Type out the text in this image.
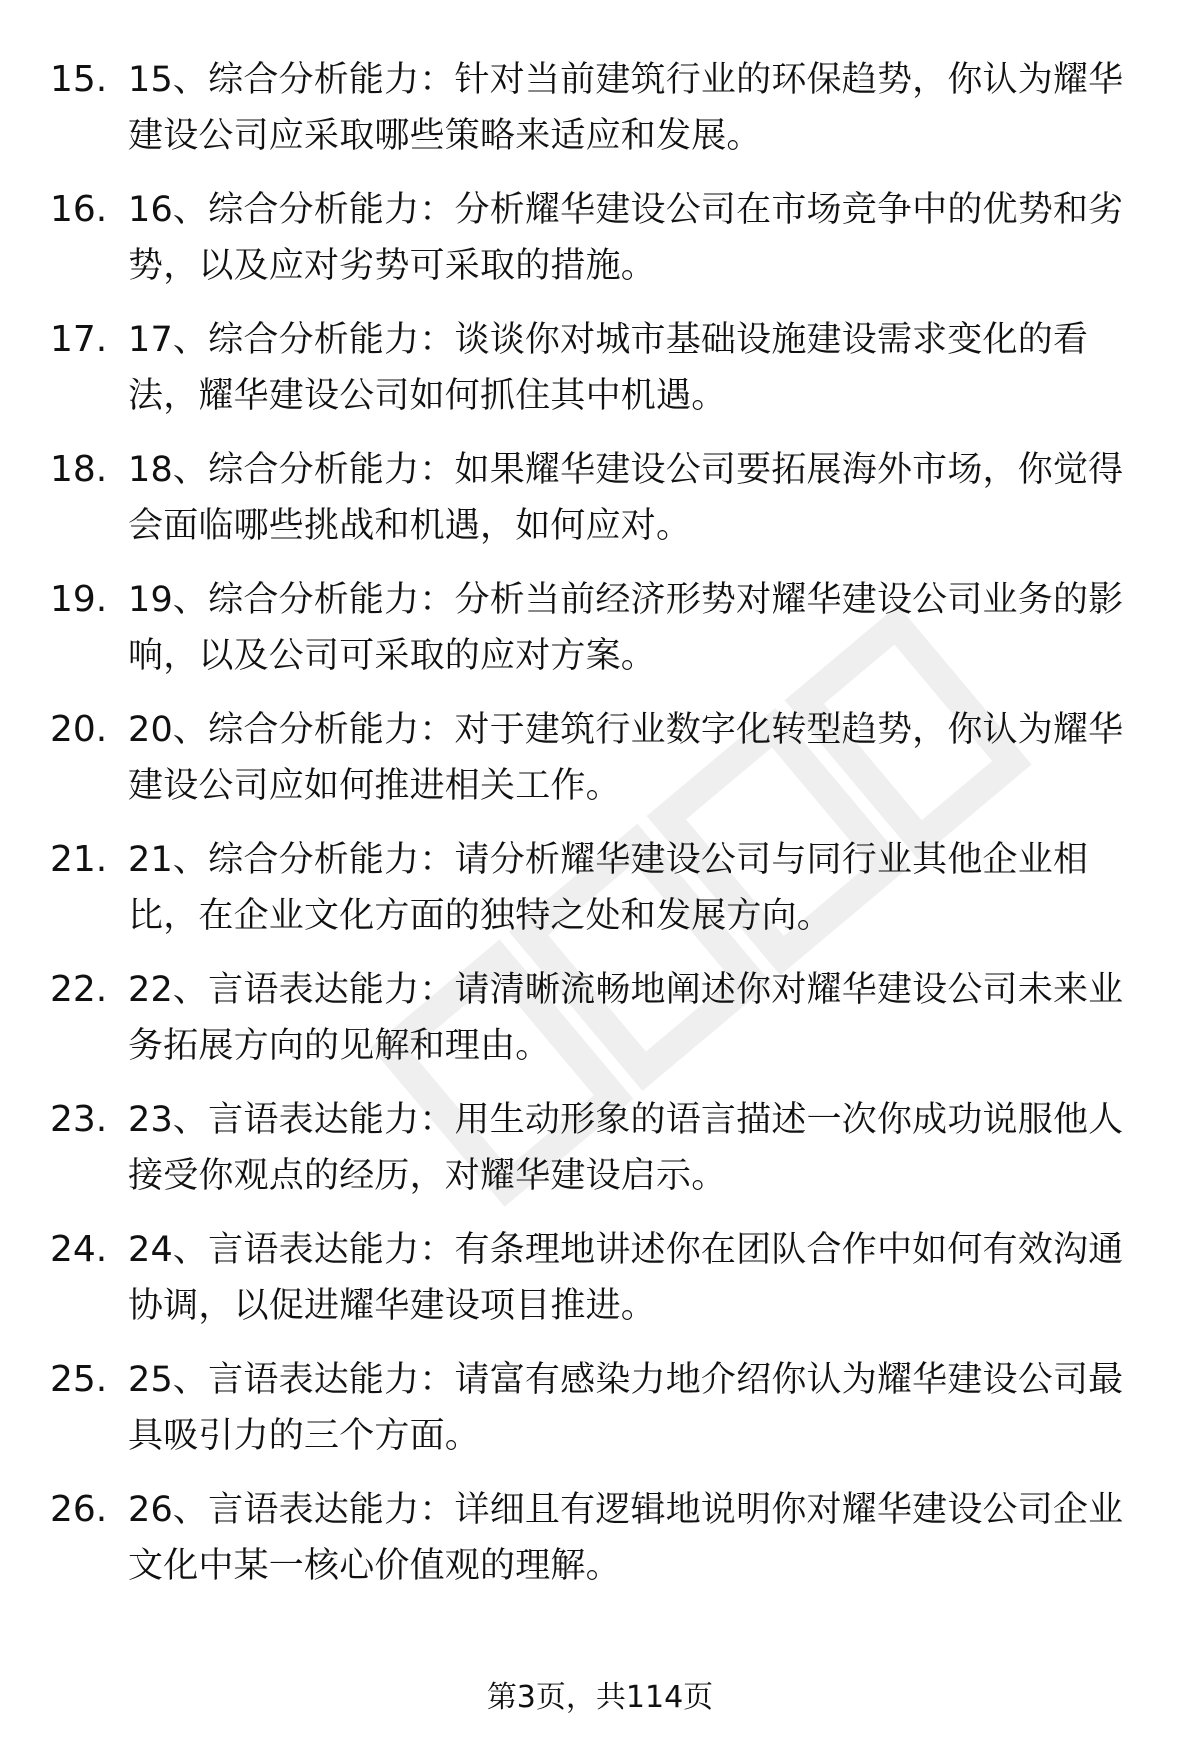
15. 15、综合分析能力：针对当前建筑行业的环保趋势，你认为耀华建设公司应采取哪些策略来适应和发展。
16. 16、综合分析能力：分析耀华建设公司在市场竞争中的优势和劣势，以及应对劣势可采取的措施。
17. 17、综合分析能力：谈谈你对城市基础设施建设需求变化的看法，耀华建设公司如何抓住其中机遇。
18. 18、综合分析能力：如果耀华建设公司要拓展海外市场，你觉得会面临哪些挑战和机遇，如何应对。
19. 19、综合分析能力：分析当前经济形势对耀华建设公司业务的影响，以及公司可采取的应对方案。
20. 20、综合分析能力：对于建筑行业数字化转型趋势，你认为耀华建设公司应如何推进相关工作。
21. 21、综合分析能力：请分析耀华建设公司与同行业其他企业相比，在企业文化方面的独特之处和发展方向。
22. 22、言语表达能力：请清晰流畅地阐述你对耀华建设公司未来业务拓展方向的见解和理由。
23. 23、言语表达能力：用生动形象的语言描述一次你成功说服他人接受你观点的经历，对耀华建设启示。
24. 24、言语表达能力：有条理地讲述你在团队合作中如何有效沟通协调，以促进耀华建设项目推进。
25. 25、言语表达能力：请富有感染力地介绍你认为耀华建设公司最具吸引力的三个方面。
26. 26、言语表达能力：详细且有逻辑地说明你对耀华建设公司企业文化中某一核心价值观的理解。
第3页，共114页
